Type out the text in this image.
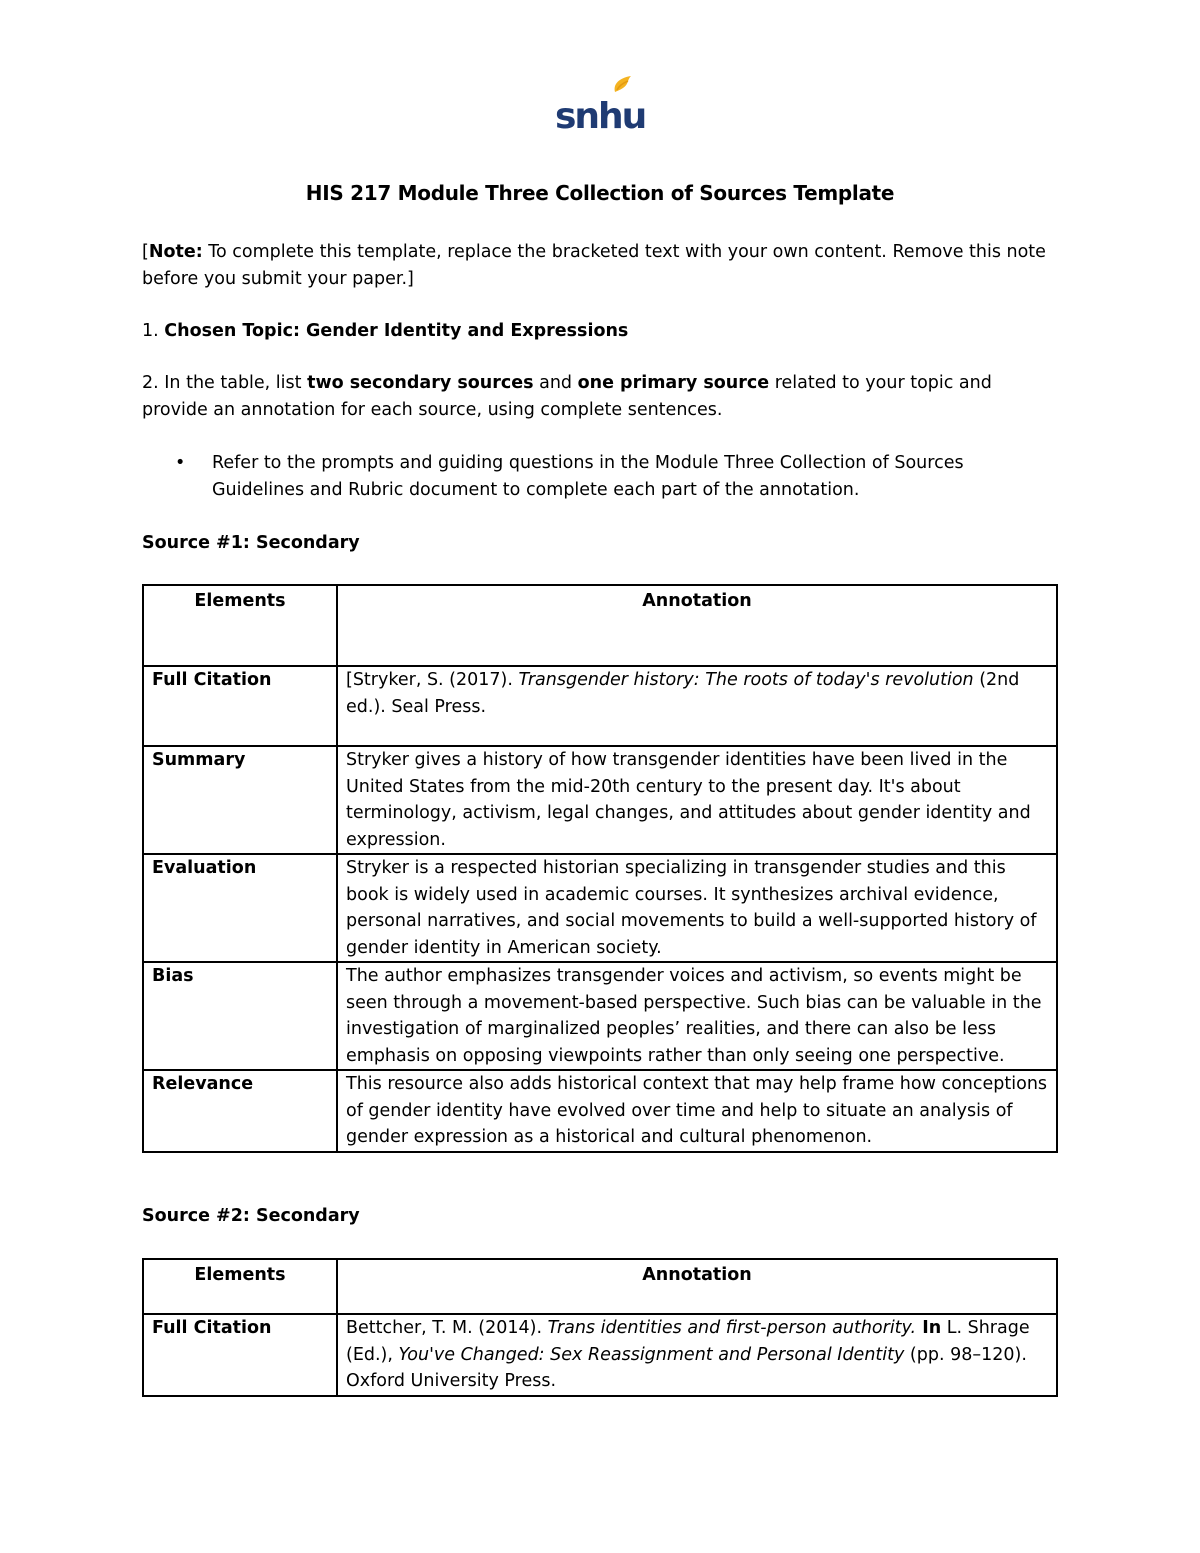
snhu
HIS 217 Module Three Collection of Sources Template
[Note: To complete this template, replace the bracketed text with your own content. Remove this note before you submit your paper.]
1. Chosen Topic: Gender Identity and Expressions
2. In the table, list two secondary sources and one primary source related to your topic and provide an annotation for each source, using complete sentences.
• Refer to the prompts and guiding questions in the Module Three Collection of Sources Guidelines and Rubric document to complete each part of the annotation.
Source #1: Secondary
Elements	Annotation
Full Citation	[Stryker, S. (2017). Transgender history: The roots of today's revolution (2nd ed.). Seal Press.
Summary	Stryker gives a history of how transgender identities have been lived in the United States from the mid-20th century to the present day. It's about terminology, activism, legal changes, and attitudes about gender identity and expression.
Evaluation	Stryker is a respected historian specializing in transgender studies and this book is widely used in academic courses. It synthesizes archival evidence, personal narratives, and social movements to build a well-supported history of gender identity in American society.
Bias	The author emphasizes transgender voices and activism, so events might be seen through a movement-based perspective. Such bias can be valuable in the investigation of marginalized peoples’ realities, and there can also be less emphasis on opposing viewpoints rather than only seeing one perspective.
Relevance	This resource also adds historical context that may help frame how conceptions of gender identity have evolved over time and help to situate an analysis of gender expression as a historical and cultural phenomenon.
Source #2: Secondary
Elements	Annotation
Full Citation	Bettcher, T. M. (2014). Trans identities and first-person authority. In L. Shrage (Ed.), You've Changed: Sex Reassignment and Personal Identity (pp. 98–120). Oxford University Press.
